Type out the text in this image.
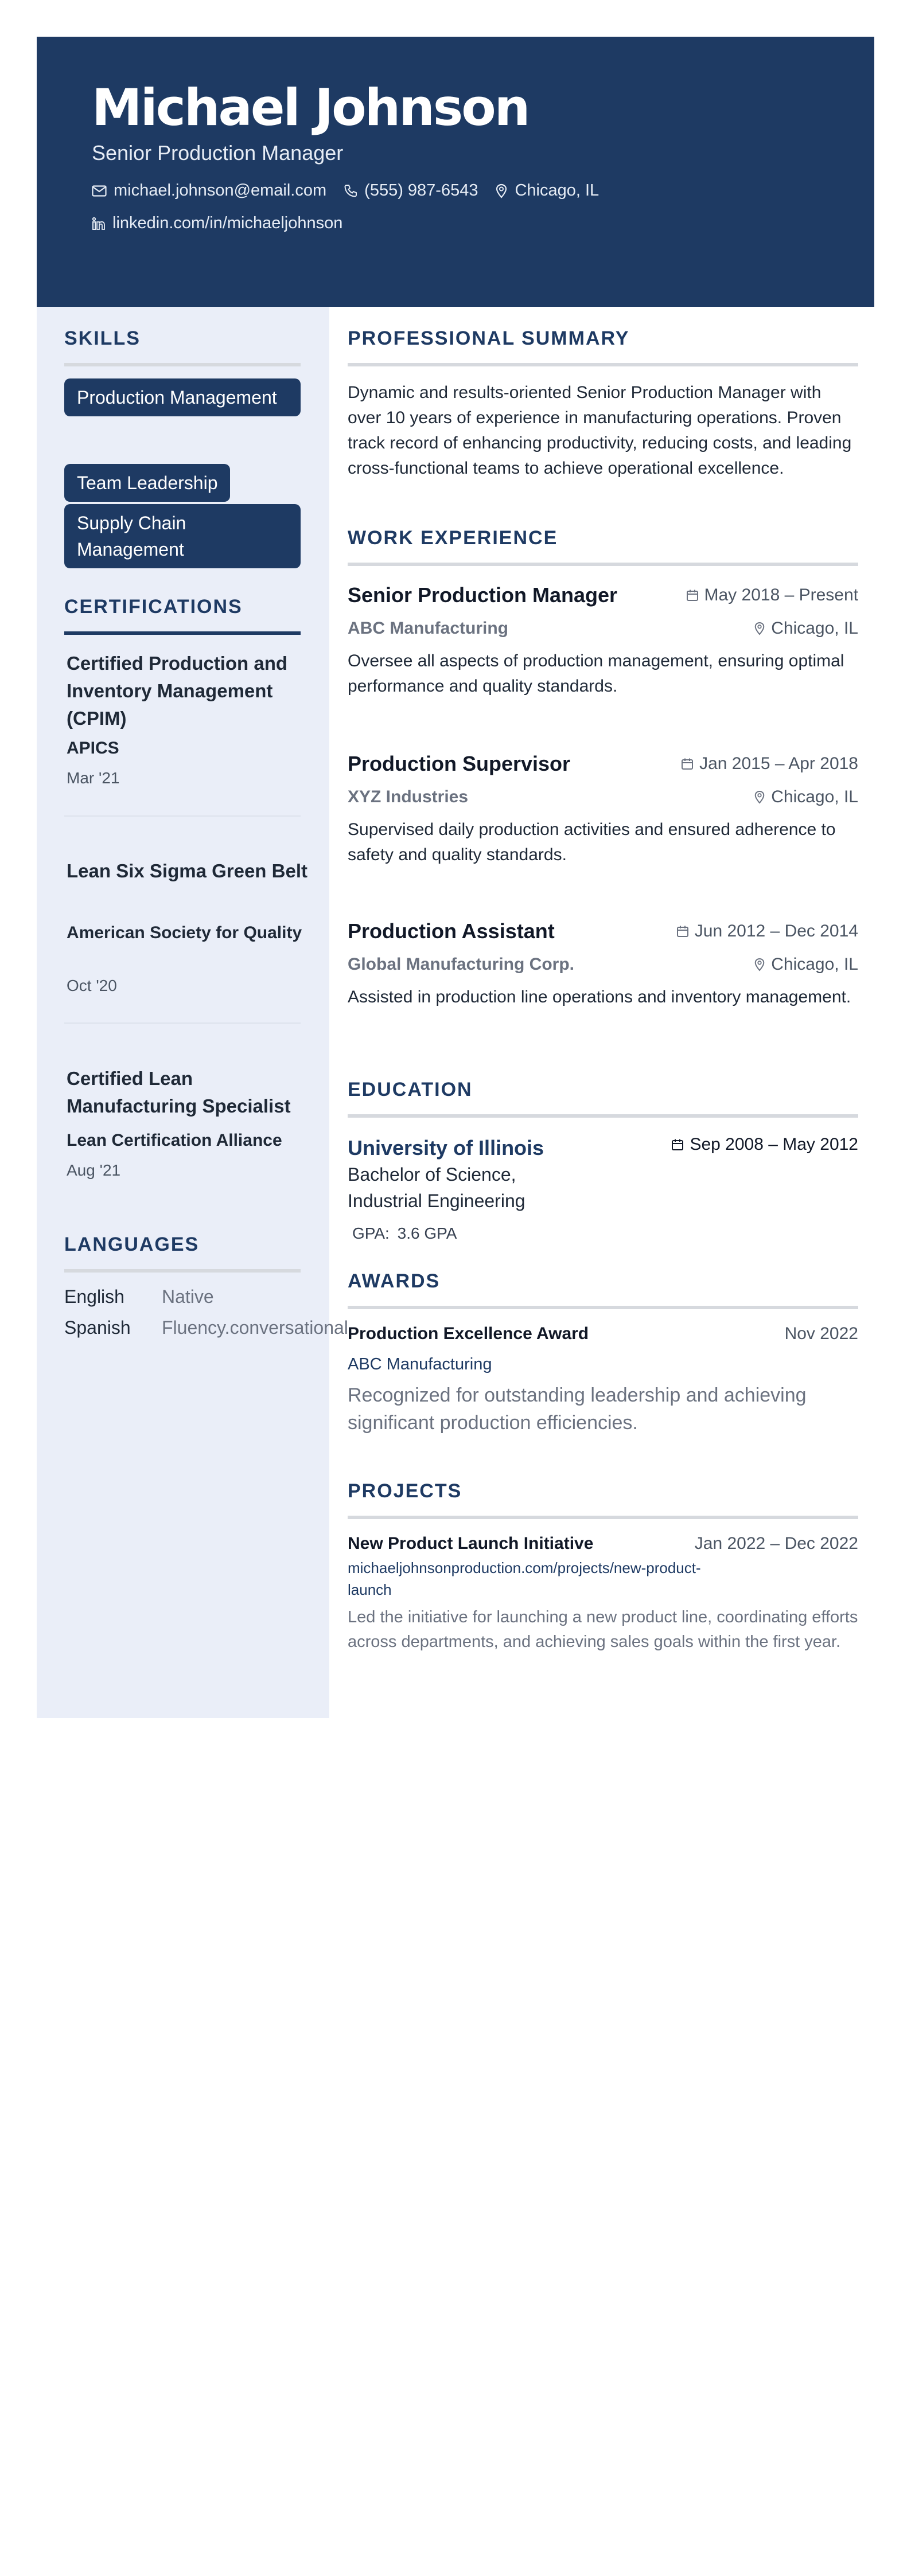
Michael Johnson
Senior Production Manager
michael.johnson@email.com (555) 987-6543 Chicago, IL
linkedin.com/in/michaeljohnson
SKILLS
Production Management
Team Leadership
Supply Chain Management
CERTIFICATIONS
Certified Production and Inventory Management (CPIM)
APICS
Mar '21
Lean Six Sigma Green Belt
American Society for Quality
Oct '20
Certified Lean Manufacturing Specialist
Lean Certification Alliance
Aug '21
LANGUAGES
English Native
Spanish Fluency.conversational
PROFESSIONAL SUMMARY
Dynamic and results-oriented Senior Production Manager with over 10 years of experience in manufacturing operations. Proven track record of enhancing productivity, reducing costs, and leading cross-functional teams to achieve operational excellence.
WORK EXPERIENCE
Senior Production Manager	May 2018 – Present
ABC Manufacturing	Chicago, IL
Oversee all aspects of production management, ensuring optimal performance and quality standards.
Production Supervisor	Jan 2015 – Apr 2018
XYZ Industries	Chicago, IL
Supervised daily production activities and ensured adherence to safety and quality standards.
Production Assistant	Jun 2012 – Dec 2014
Global Manufacturing Corp.	Chicago, IL
Assisted in production line operations and inventory management.
EDUCATION
University of Illinois	Sep 2008 – May 2012
Bachelor of Science, Industrial Engineering
GPA: 3.6 GPA
AWARDS
Production Excellence Award	Nov 2022
ABC Manufacturing
Recognized for outstanding leadership and achieving significant production efficiencies.
PROJECTS
New Product Launch Initiative	Jan 2022 – Dec 2022
michaeljohnsonproduction.com/projects/new-product-launch
Led the initiative for launching a new product line, coordinating efforts across departments, and achieving sales goals within the first year.
